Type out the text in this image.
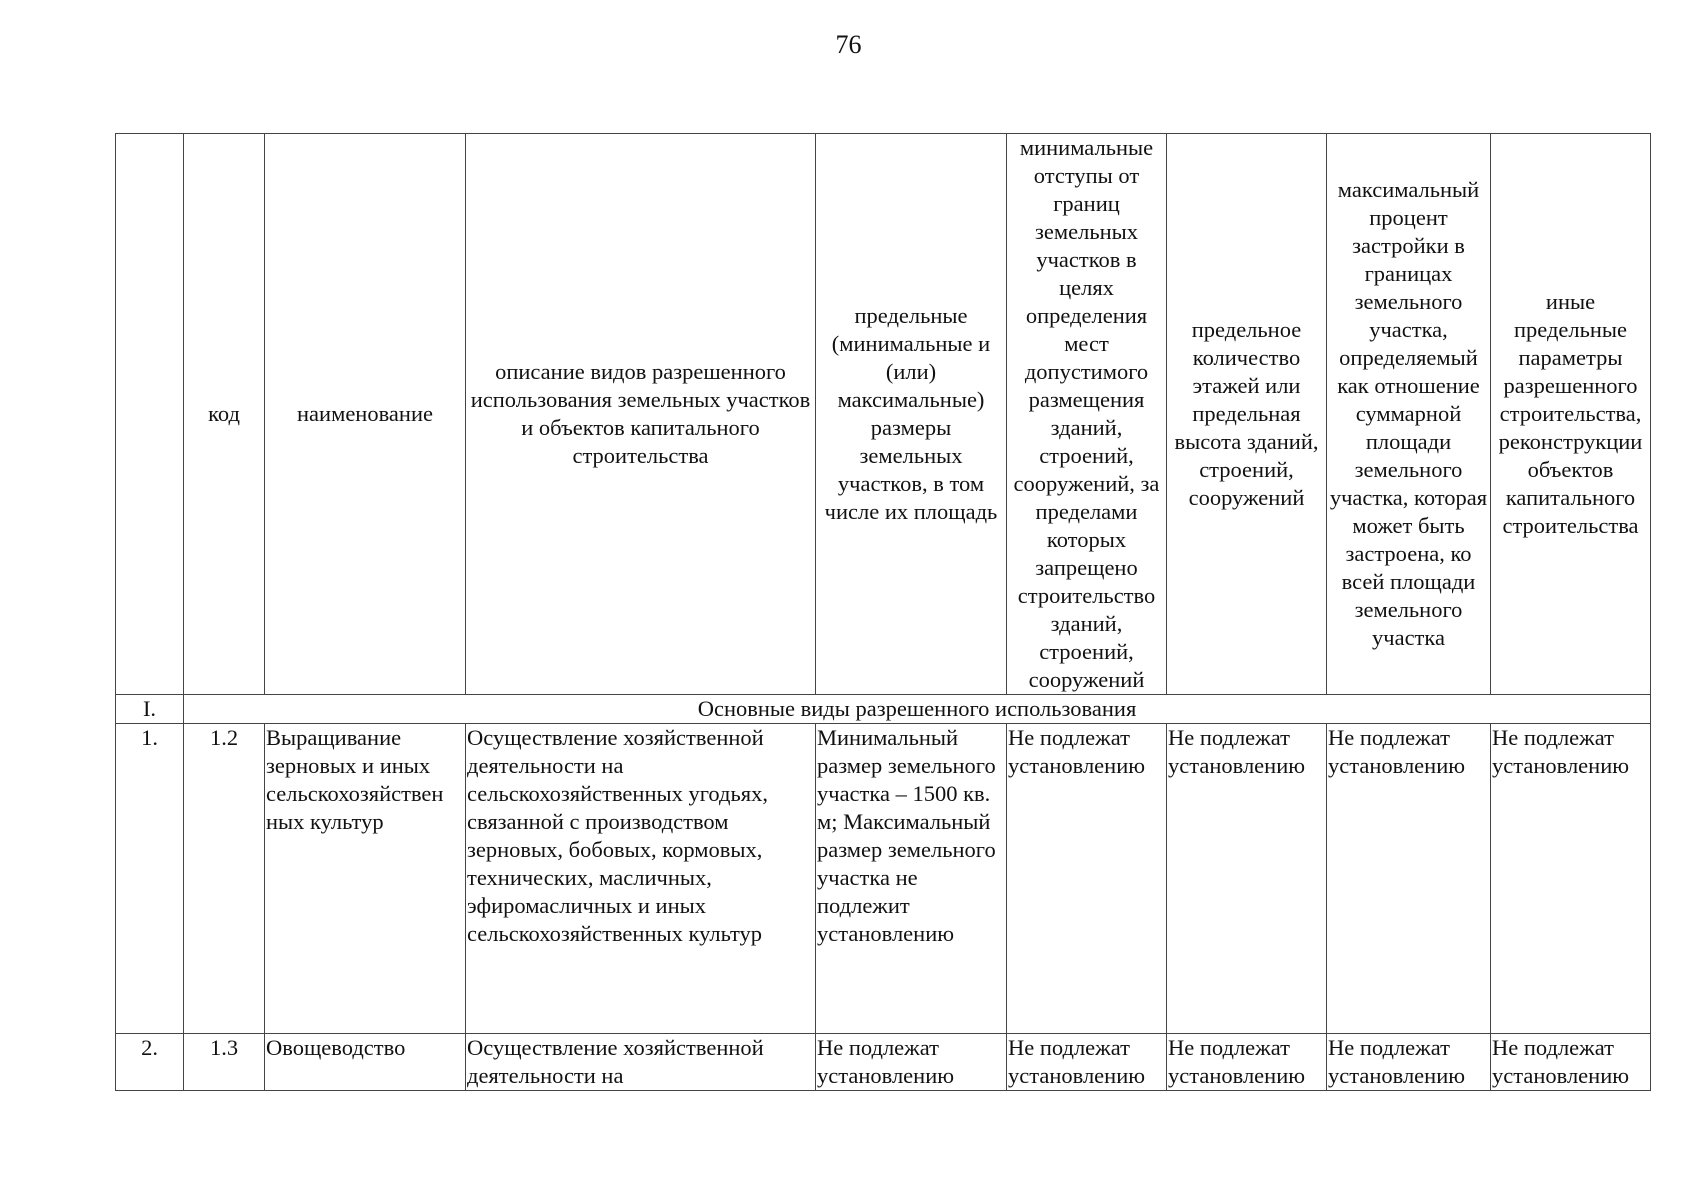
76
	код	наименование	описание видов разрешенного использования земельных участков и объектов капитального строительства	предельные (минимальные и (или) максимальные) размеры земельных участков, в том числе их площадь	минимальные отступы от границ земельных участков в целях определения мест допустимого размещения зданий, строений, сооружений, за пределами которых запрещено строительство зданий, строений, сооружений	предельное количество этажей или предельная высота зданий, строений, сооружений	максимальный процент застройки в границах земельного участка, определяемый как отношение суммарной площади земельного участка, которая может быть застроена, ко всей площади земельного участка	иные предельные параметры разрешенного строительства, реконструкции объектов капитального строительства
I.	Основные виды разрешенного использования							
1.	1.2	Выращивание зерновых и иных сельскохозяйствен ных культур	Осуществление хозяйственной деятельности на сельскохозяйственных угодьях, связанной с производством зерновых, бобовых, кормовых, технических, масличных, эфиромасличных и иных сельскохозяйственных культур	Минимальный размер земельного участка – 1500 кв. м; Максимальный размер земельного участка не подлежит установлению	Не подлежат установлению	Не подлежат установлению	Не подлежат установлению	Не подлежат установлению
2.	1.3	Овощеводство	Осуществление хозяйственной деятельности на	Не подлежат установлению	Не подлежат установлению	Не подлежат установлению	Не подлежат установлению	Не подлежат установлению
